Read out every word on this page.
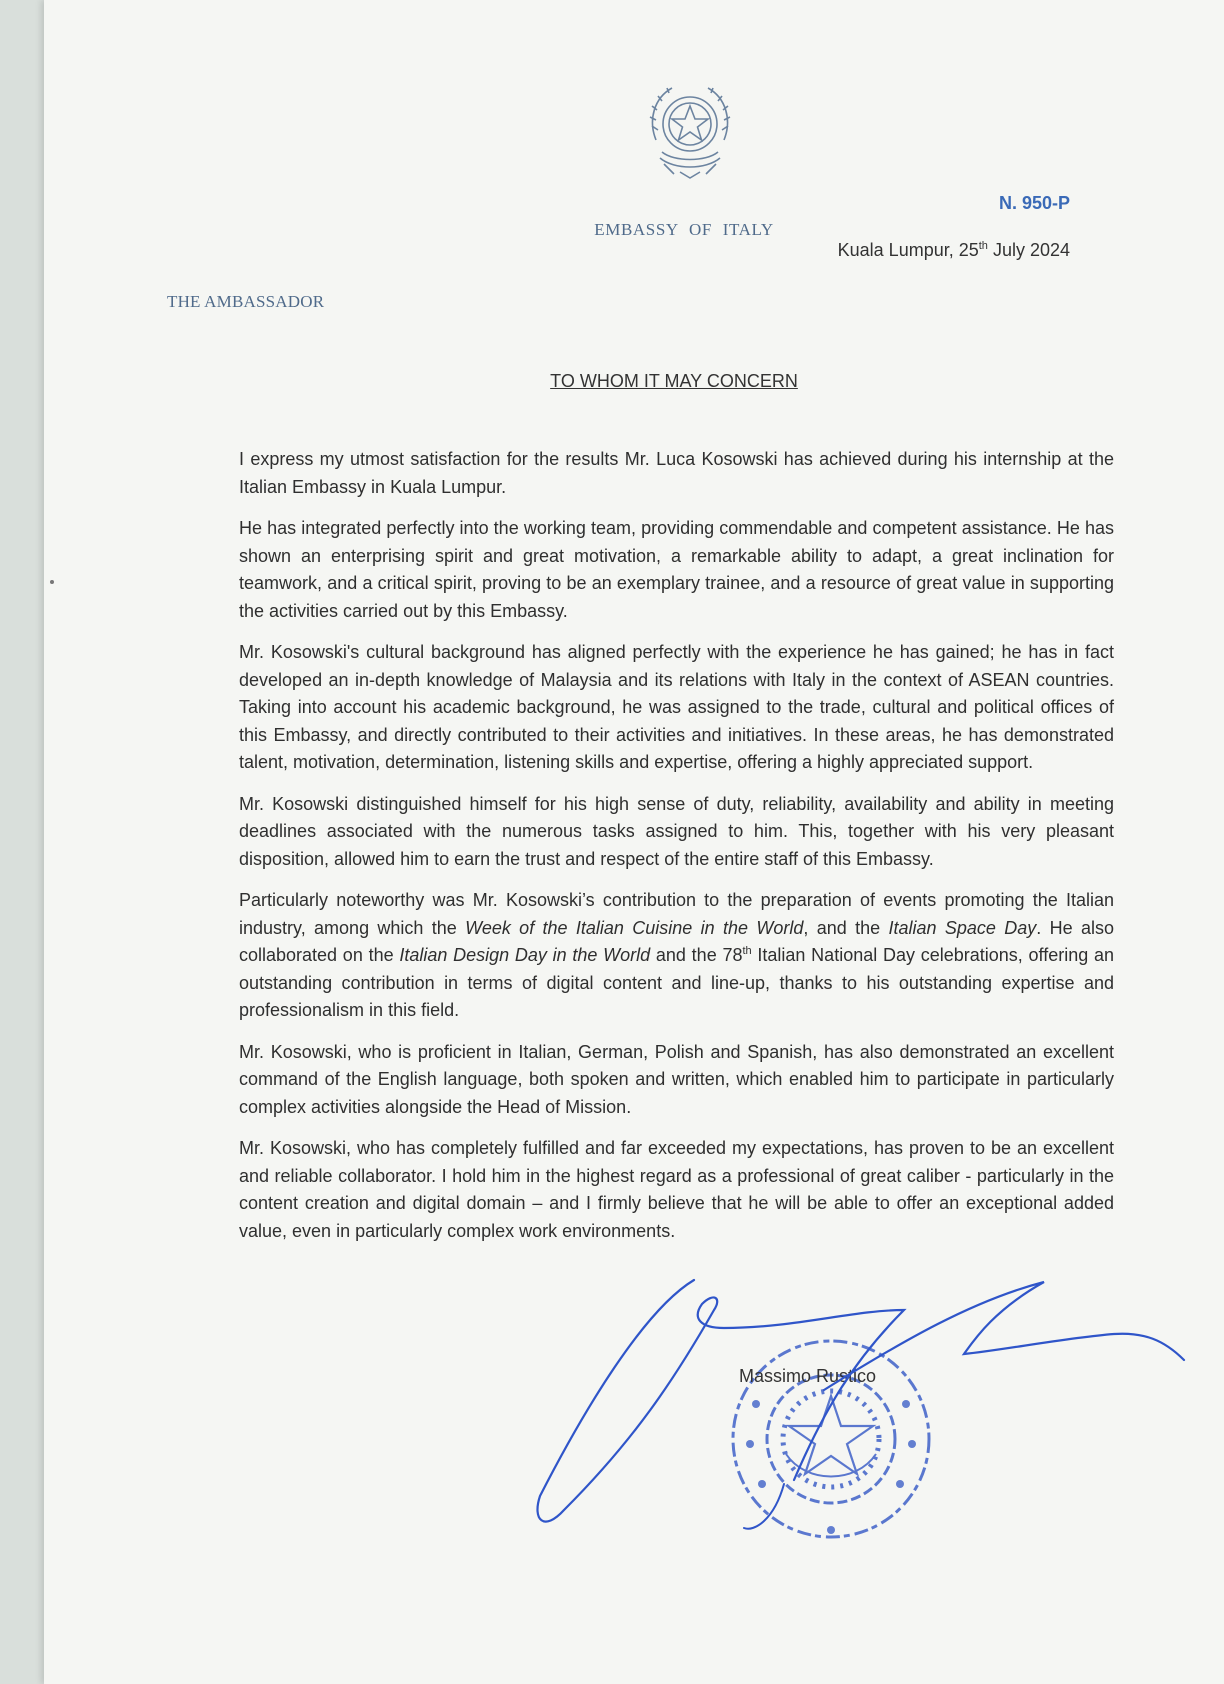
EMBASSY OF ITALY

THE AMBASSADOR

N. 950-P

Kuala Lumpur, 25th July 2024

TO WHOM IT MAY CONCERN

I express my utmost satisfaction for the results Mr. Luca Kosowski has achieved during his internship at the Italian Embassy in Kuala Lumpur.

He has integrated perfectly into the working team, providing commendable and competent assistance. He has shown an enterprising spirit and great motivation, a remarkable ability to adapt, a great inclination for teamwork, and a critical spirit, proving to be an exemplary trainee, and a resource of great value in supporting the activities carried out by this Embassy.

Mr. Kosowski's cultural background has aligned perfectly with the experience he has gained; he has in fact developed an in-depth knowledge of Malaysia and its relations with Italy in the context of ASEAN countries. Taking into account his academic background, he was assigned to the trade, cultural and political offices of this Embassy, and directly contributed to their activities and initiatives. In these areas, he has demonstrated talent, motivation, determination, listening skills and expertise, offering a highly appreciated support.

Mr. Kosowski distinguished himself for his high sense of duty, reliability, availability and ability in meeting deadlines associated with the numerous tasks assigned to him. This, together with his very pleasant disposition, allowed him to earn the trust and respect of the entire staff of this Embassy.

Particularly noteworthy was Mr. Kosowski’s contribution to the preparation of events promoting the Italian industry, among which the Week of the Italian Cuisine in the World, and the Italian Space Day. He also collaborated on the Italian Design Day in the World and the 78th Italian National Day celebrations, offering an outstanding contribution in terms of digital content and line-up, thanks to his outstanding expertise and professionalism in this field.

Mr. Kosowski, who is proficient in Italian, German, Polish and Spanish, has also demonstrated an excellent command of the English language, both spoken and written, which enabled him to participate in particularly complex activities alongside the Head of Mission.

Mr. Kosowski, who has completely fulfilled and far exceeded my expectations, has proven to be an excellent and reliable collaborator. I hold him in the highest regard as a professional of great caliber - particularly in the content creation and digital domain – and I firmly believe that he will be able to offer an exceptional added value, even in particularly complex work environments.

Massimo Rustico
